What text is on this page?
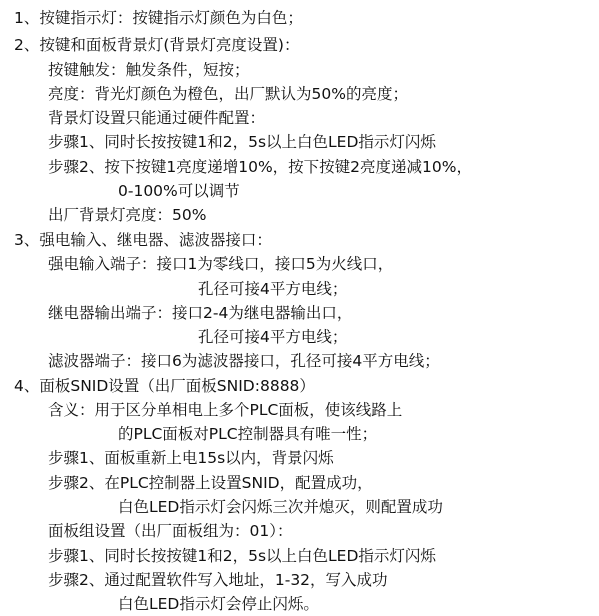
1、按键指示灯：按键指示灯颜色为白色；
2、按键和面板背景灯(背景灯亮度设置)：
按键触发：触发条件，短按；
亮度：背光灯颜色为橙色，出厂默认为50%的亮度；
背景灯设置只能通过硬件配置：
步骤1、同时长按按键1和2，5s以上白色LED指示灯闪烁
步骤2、按下按键1亮度递增10%，按下按键2亮度递减10%，
0-100%可以调节
出厂背景灯亮度：50%
3、强电输入、继电器、滤波器接口：
强电输入端子：接口1为零线口，接口5为火线口，
孔径可接4平方电线；
继电器输出端子：接口2-4为继电器输出口，
孔径可接4平方电线；
滤波器端子：接口6为滤波器接口，孔径可接4平方电线；
4、面板SNID设置（出厂面板SNID:8888）
含义：用于区分单相电上多个PLC面板，使该线路上
的PLC面板对PLC控制器具有唯一性；
步骤1、面板重新上电15s以内，背景闪烁
步骤2、在PLC控制器上设置SNID，配置成功，
白色LED指示灯会闪烁三次并熄灭，则配置成功
面板组设置（出厂面板组为：01）：
步骤1、同时长按按键1和2，5s以上白色LED指示灯闪烁
步骤2、通过配置软件写入地址，1-32，写入成功
白色LED指示灯会停止闪烁。
